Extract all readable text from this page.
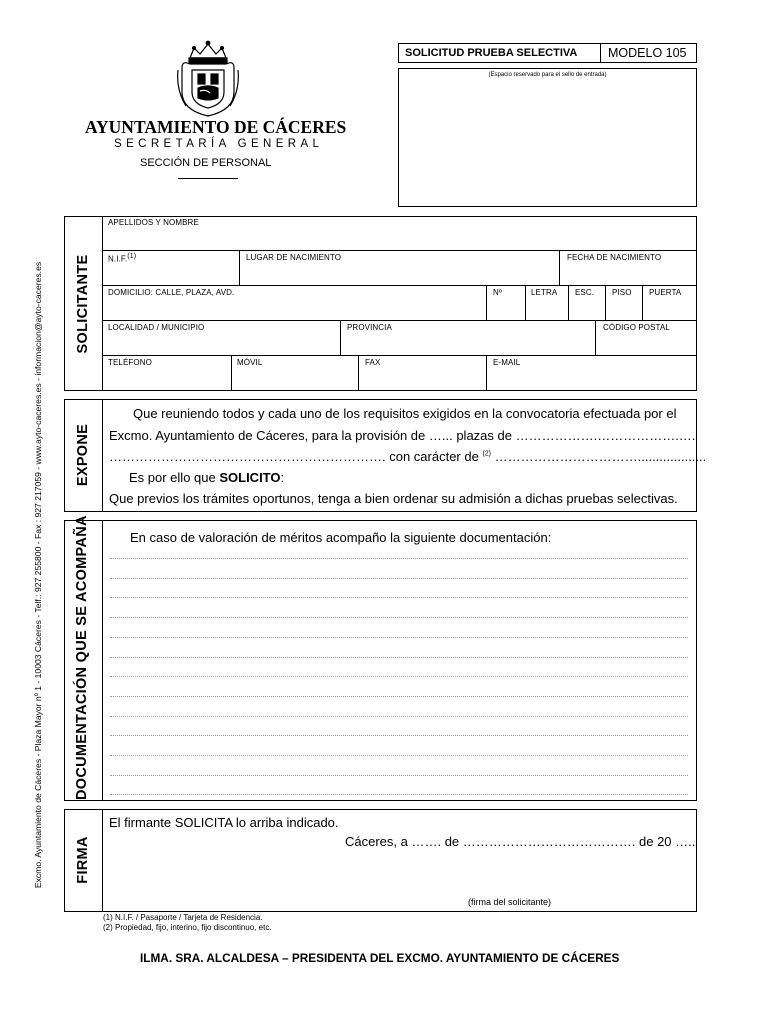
AYUNTAMIENTO DE CÁCERES
SECRETARÍA GENERAL
SECCIÓN DE PERSONAL
SOLICITUD PRUEBA SELECTIVA MODELO 105
(Espacio reservado para el sello de entrada)
Excmo. Ayuntamiento de Cáceres - Plaza Mayor nº 1 - 10003 Cáceres - Telf.: 927 255800 - Fax : 927 217059 - www.ayto-caceres.es - informacion@ayto-caceres.es SOLICITANTE
APELLIDOS Y NOMBRE
N.I.F.$^{(1)}$	LUGAR DE NACIMIENTO	FECHA DE NACIMIENTO
DOMICILIO: CALLE, PLAZA, AVD.	Nº	LETRA ESC. PISO PUERTA
LOCALIDAD / MUNICIPIO	PROVINCIA	CÓDIGO POSTAL
TELÉFONO	MÓVIL	FAX	E-MAIL
EXPONE
Que reuniendo todos y cada uno de los requisitos exigidos en la convocatoria efectuada por el
Excmo. Ayuntamiento de Cáceres, para la provisión de …... plazas de ……………….……………….….
………………………………………………………. con carácter de $^{(2)}$ ……………………………...................
Es por ello que SOLICITO:
Que previos los trámites oportunos, tenga a bien ordenar su admisión a dichas pruebas selectivas.
DOCUMENTACIÓN QUE SE ACOMPAÑA	En caso de valoración de méritos acompaño la siguiente documentación:
FIRMA
El firmante SOLICITA lo arriba indicado.
Cáceres, a ……. de …………………………………. de 20 …..
(firma del solicitante)
(1) N.I.F. / Pasaporte / Tarjeta de Residencia.
(2) Propiedad, fijo, interino, fijo discontinuo, etc.
ILMA. SRA. ALCALDESA – PRESIDENTA DEL EXCMO. AYUNTAMIENTO DE CÁCERES
